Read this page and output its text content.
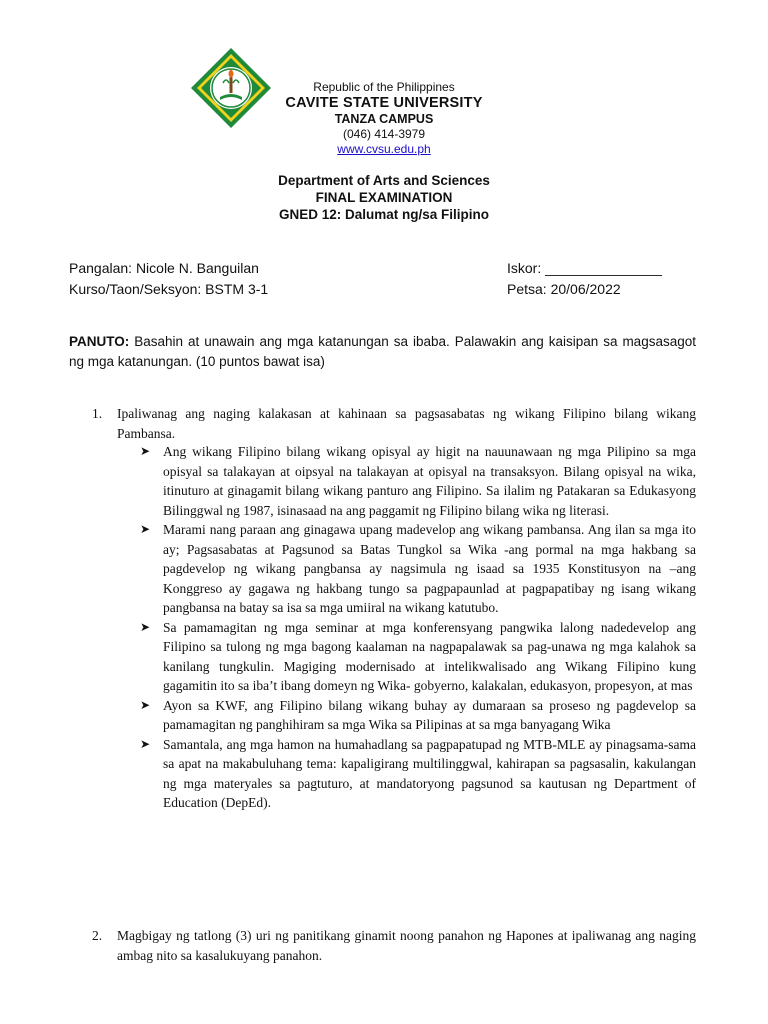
Republic of the Philippines
CAVITE STATE UNIVERSITY
TANZA CAMPUS
(046) 414-3979
www.cvsu.edu.ph
Department of Arts and Sciences
FINAL EXAMINATION
GNED 12: Dalumat ng/sa Filipino
Pangalan: Nicole N. Banguilan
Kurso/Taon/Seksyon: BSTM 3-1
Iskor: _______________
Petsa: 20/06/2022
PANUTO: Basahin at unawain ang mga katanungan sa ibaba. Palawakin ang kaisipan sa magsasagot ng mga katanungan. (10 puntos bawat isa)
1. Ipaliwanag ang naging kalakasan at kahinaan sa pagsasabatas ng wikang Filipino bilang wikang Pambansa.
➤ Ang wikang Filipino bilang wikang opisyal ay higit na nauunawaan ng mga Pilipino sa mga opisyal sa talakayan at oipsyal na talakayan at opisyal na transaksyon. Bilang opisyal na wika, itinuturo at ginagamit bilang wikang panturo ang Filipino. Sa ilalim ng Patakaran sa Edukasyong Bilinggwal ng 1987, isinasaad na ang paggamit ng Filipino bilang wika ng literasi.
➤ Marami nang paraan ang ginagawa upang madevelop ang wikang pambansa. Ang ilan sa mga ito ay; Pagsasabatas at Pagsunod sa Batas Tungkol sa Wika -ang pormal na mga hakbang sa pagdevelop ng wikang pangbansa ay nagsimula ng isaad sa 1935 Konstitusyon na –ang Konggreso ay gagawa ng hakbang tungo sa pagpapaunlad at pagpapatibay ng isang wikang pangbansa na batay sa isa sa mga umiiral na wikang katutubo.
➤ Sa pamamagitan ng mga seminar at mga konferensyang pangwika lalong nadedevelop ang Filipino sa tulong ng mga bagong kaalaman na nagpapalawak sa pag-unawa ng mga kalahok sa kanilang tungkulin. Magiging modernisado at intelikwalisado ang Wikang Filipino kung gagamitin ito sa iba’t ibang domeyn ng Wika- gobyerno, kalakalan, edukasyon, propesyon, at mas
➤ Ayon sa KWF, ang Filipino bilang wikang buhay ay dumaraan sa proseso ng pagdevelop sa pamamagitan ng panghihiram sa mga Wika sa Pilipinas at sa mga banyagang Wika
➤ Samantala, ang mga hamon na humahadlang sa pagpapatupad ng MTB-MLE ay pinagsama-sama sa apat na makabuluhang tema: kapaligirang multilinggwal, kahirapan sa pagsasalin, kakulangan ng mga materyales sa pagtuturo, at mandatoryong pagsunod sa kautusan ng Department of Education (DepEd).
2. Magbigay ng tatlong (3) uri ng panitikang ginamit noong panahon ng Hapones at ipaliwanag ang naging ambag nito sa kasalukuyang panahon.
